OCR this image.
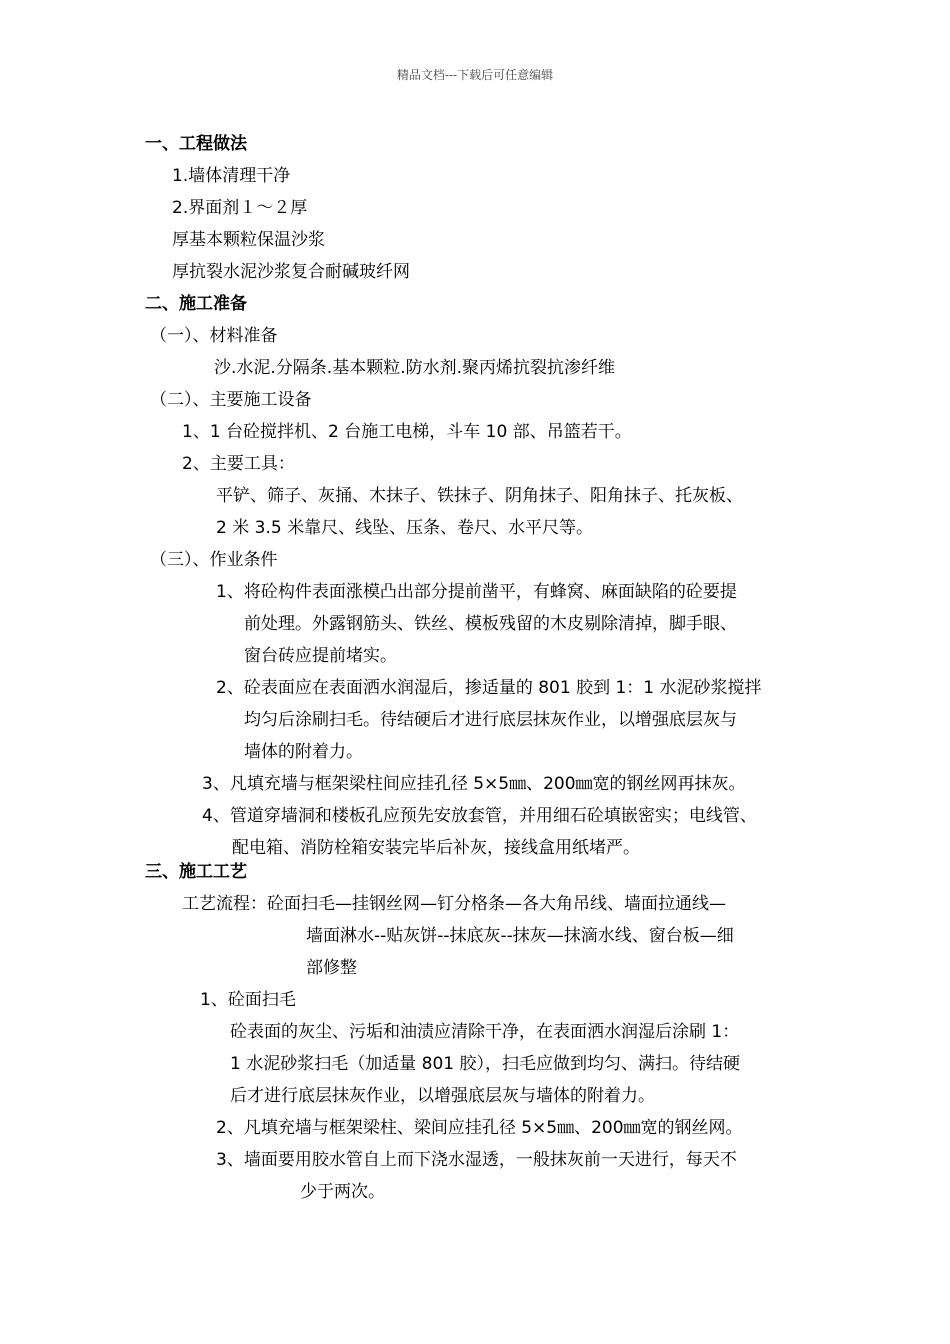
精品文档---下载后可任意编辑
一、工程做法
1.墙体清理干净
2.界面剂１～２厚
厚基本颗粒保温沙浆
厚抗裂水泥沙浆复合耐碱玻纤网
二、施工准备
（一）、材料准备
沙.水泥.分隔条.基本颗粒.防水剂.聚丙烯抗裂抗渗纤维
（二）、主要施工设备
1、1 台砼搅拌机、2 台施工电梯，斗车 10 部、吊篮若干。
2、主要工具：
平铲、筛子、灰捅、木抹子、铁抹子、阴角抹子、阳角抹子、托灰板、
2 米 3.5 米靠尺、线坠、压条、卷尺、水平尺等。
（三）、作业条件
1、将砼构件表面涨模凸出部分提前凿平，有蜂窝、麻面缺陷的砼要提
前处理。外露钢筋头、铁丝、模板残留的木皮剔除清掉，脚手眼、
窗台砖应提前堵实。
2、砼表面应在表面洒水润湿后，掺适量的 801 胶到 1：1 水泥砂浆搅拌
均匀后涂刷扫毛。待结硬后才进行底层抹灰作业，以增强底层灰与
墙体的附着力。
3、凡填充墙与框架梁柱间应挂孔径 5×5㎜、200㎜宽的钢丝网再抹灰。
4、管道穿墙洞和楼板孔应预先安放套管，并用细石砼填嵌密实；电线管、
配电箱、消防栓箱安装完毕后补灰，接线盒用纸堵严。
三、施工工艺
工艺流程：砼面扫毛—挂钢丝网—钉分格条—各大角吊线、墙面拉通线—
墙面淋水--贴灰饼--抹底灰--抹灰—抹滴水线、窗台板—细
部修整
1、砼面扫毛
砼表面的灰尘、污垢和油渍应清除干净，在表面洒水润湿后涂刷 1：
1 水泥砂浆扫毛（加适量 801 胶），扫毛应做到均匀、满扫。待结硬
后才进行底层抹灰作业，以增强底层灰与墙体的附着力。
2、凡填充墙与框架梁柱、梁间应挂孔径 5×5㎜、200㎜宽的钢丝网。
3、墙面要用胶水管自上而下浇水湿透，一般抹灰前一天进行，每天不
少于两次。
